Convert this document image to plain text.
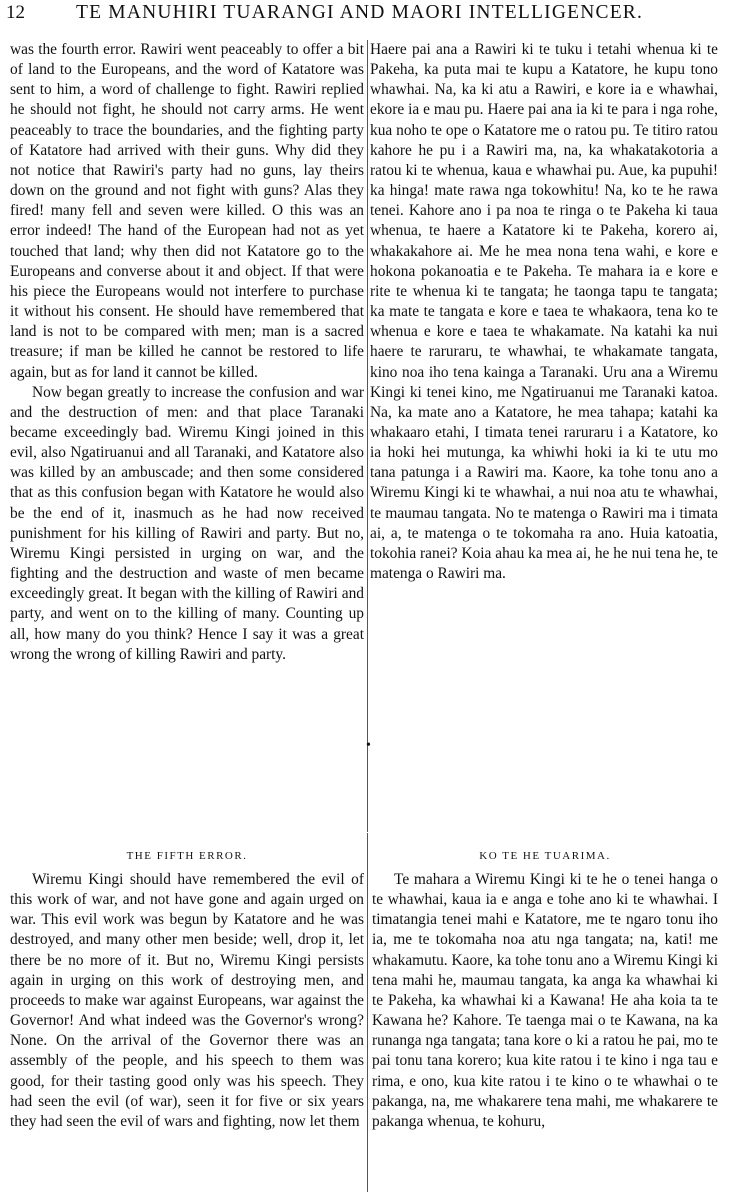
12	TE MANUHIRI TUARANGI AND MAORI INTELLIGENCER.
•

was the fourth error. Rawiri went peaceably to offer a bit of land to the Europeans, and the word of Katatore was sent to him, a word of challenge to fight. Rawiri replied he should not fight, he should not carry arms. He went peaceably to trace the boundaries, and the fighting party of Katatore had arrived with their guns. Why did they not notice that Rawiri's party had no guns, lay theirs down on the ground and not fight with guns? Alas they fired! many fell and seven were killed. O this was an error indeed! The hand of the European had not as yet touched that land; why then did not Katatore go to the Europeans and converse about it and object. If that were his piece the Europeans would not interfere to purchase it without his consent. He should have remembered that land is not to be compared with men; man is a sacred treasure; if man be killed he cannot be restored to life again, but as for land it cannot be killed.

Now began greatly to increase the confusion and war and the destruction of men: and that place Taranaki became exceedingly bad. Wiremu Kingi joined in this evil, also Ngatiruanui and all Taranaki, and Katatore also was killed by an ambuscade; and then some considered that as this confusion began with Katatore he would also be the end of it, inasmuch as he had now received punishment for his killing of Rawiri and party. But no, Wiremu Kingi persisted in urging on war, and the fighting and the destruction and waste of men became exceedingly great. It began with the killing of Rawiri and party, and went on to the killing of many. Counting up all, how many do you think? Hence I say it was a great wrong the wrong of killing Rawiri and party.

Haere pai ana a Rawiri ki te tuku i tetahi whenua ki te Pakeha, ka puta mai te kupu a Katatore, he kupu tono whawhai. Na, ka ki atu a Rawiri, e kore ia e whawhai, ekore ia e mau pu. Haere pai ana ia ki te para i nga rohe, kua noho te ope o Katatore me o ratou pu. Te titiro ratou kahore he pu i a Rawiri ma, na, ka whakatakotoria a ratou ki te whenua, kaua e whawhai pu. Aue, ka pupuhi! ka hinga! mate rawa nga tokowhitu! Na, ko te he rawa tenei. Kahore ano i pa noa te ringa o te Pakeha ki taua whenua, te haere a Katatore ki te Pakeha, korero ai, whakakahore ai. Me he mea nona tena wahi, e kore e hokona pokanoatia e te Pakeha. Te mahara ia e kore e rite te whenua ki te tangata; he taonga tapu te tangata; ka mate te tangata e kore e taea te whakaora, tena ko te whenua e kore e taea te whakamate. Na katahi ka nui haere te raruraru, te whawhai, te whakamate tangata, kino noa iho tena kainga a Taranaki. Uru ana a Wiremu Kingi ki tenei kino, me Ngatiruanui me Taranaki katoa. Na, ka mate ano a Katatore, he mea tahapa; katahi ka whakaaro etahi, I timata tenei raruraru i a Katatore, ko ia hoki hei mutunga, ka whiwhi hoki ia ki te utu mo tana patunga i a Rawiri ma. Kaore, ka tohe tonu ano a Wiremu Kingi ki te whawhai, a nui noa atu te whawhai, te maumau tangata. No te matenga o Rawiri ma i timata ai, a, te matenga o te tokomaha ra ano. Huia katoatia, tokohia ranei? Koia ahau ka mea ai, he he nui tena he, te matenga o Rawiri ma.

THE FIFTH ERROR.

Wiremu Kingi should have remembered the evil of this work of war, and not have gone and again urged on war. This evil work was begun by Katatore and he was destroyed, and many other men beside; well, drop it, let there be no more of it. But no, Wiremu Kingi persists again in urging on this work of destroying men, and proceeds to make war against Europeans, war against the Governor! And what indeed was the Governor's wrong? None. On the arrival of the Governor there was an assembly of the people, and his speech to them was good, for their tasting good only was his speech. They had seen the evil (of war), seen it for five or six years they had seen the evil of wars and fighting, now let them

KO TE HE TUARIMA.

Te mahara a Wiremu Kingi ki te he o tenei hanga o te whawhai, kaua ia e anga e tohe ano ki te whawhai. I timatangia tenei mahi e Katatore, me te ngaro tonu iho ia, me te tokomaha noa atu nga tangata; na, kati! me whakamutu. Kaore, ka tohe tonu ano a Wiremu Kingi ki tena mahi he, maumau tangata, ka anga ka whawhai ki te Pakeha, ka whawhai ki a Kawana! He aha koia ta te Kawana he? Kahore. Te taenga mai o te Kawana, na ka runanga nga tangata; tana kore o ki a ratou he pai, mo te pai tonu tana korero; kua kite ratou i te kino i nga tau e rima, e ono, kua kite ratou i te kino o te whawhai o te pakanga, na, me whakarere tena mahi, me whakarere te pakanga whenua, te kohuru,
